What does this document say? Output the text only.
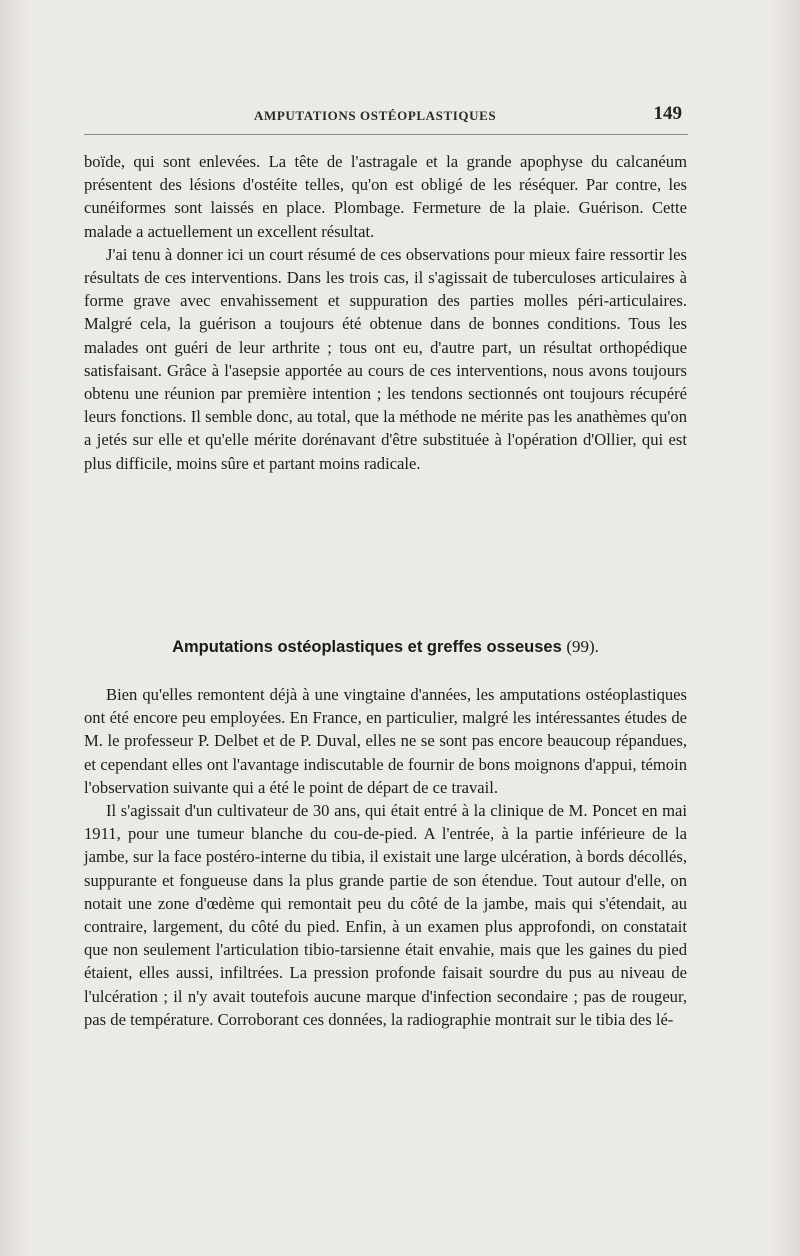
AMPUTATIONS OSTÉOPLASTIQUES	149

boïde, qui sont enlevées. La tête de l'astragale et la grande apophyse du calcanéum présentent des lésions d'ostéite telles, qu'on est obligé de les réséquer. Par contre, les cunéiformes sont laissés en place. Plombage. Fermeture de la plaie. Guérison. Cette malade a actuellement un excellent résultat.

J'ai tenu à donner ici un court résumé de ces observations pour mieux faire ressortir les résultats de ces interventions. Dans les trois cas, il s'agissait de tuberculoses articulaires à forme grave avec envahissement et suppuration des parties molles péri-articulaires. Malgré cela, la guérison a toujours été obtenue dans de bonnes conditions. Tous les malades ont guéri de leur arthrite ; tous ont eu, d'autre part, un résultat orthopédique satisfaisant. Grâce à l'asepsie apportée au cours de ces interventions, nous avons toujours obtenu une réunion par première intention ; les tendons sectionnés ont toujours récupéré leurs fonctions. Il semble donc, au total, que la méthode ne mérite pas les anathèmes qu'on a jetés sur elle et qu'elle mérite dorénavant d'être substituée à l'opération d'Ollier, qui est plus difficile, moins sûre et partant moins radicale.

Amputations ostéoplastiques et greffes osseuses (99).

Bien qu'elles remontent déjà à une vingtaine d'années, les amputations ostéoplastiques ont été encore peu employées. En France, en particulier, malgré les intéressantes études de M. le professeur P. Delbet et de P. Duval, elles ne se sont pas encore beaucoup répandues, et cependant elles ont l'avantage indiscutable de fournir de bons moignons d'appui, témoin l'observation suivante qui a été le point de départ de ce travail.

Il s'agissait d'un cultivateur de 30 ans, qui était entré à la clinique de M. Poncet en mai 1911, pour une tumeur blanche du cou-de-pied. A l'entrée, à la partie inférieure de la jambe, sur la face postéro-interne du tibia, il existait une large ulcération, à bords décollés, suppurante et fongueuse dans la plus grande partie de son étendue. Tout autour d'elle, on notait une zone d'œdème qui remontait peu du côté de la jambe, mais qui s'étendait, au contraire, largement, du côté du pied. Enfin, à un examen plus approfondi, on constatait que non seulement l'articulation tibio-tarsienne était envahie, mais que les gaines du pied étaient, elles aussi, infiltrées. La pression profonde faisait sourdre du pus au niveau de l'ulcération ; il n'y avait toutefois aucune marque d'infection secondaire ; pas de rougeur, pas de température. Corroborant ces données, la radiographie montrait sur le tibia des lé-
